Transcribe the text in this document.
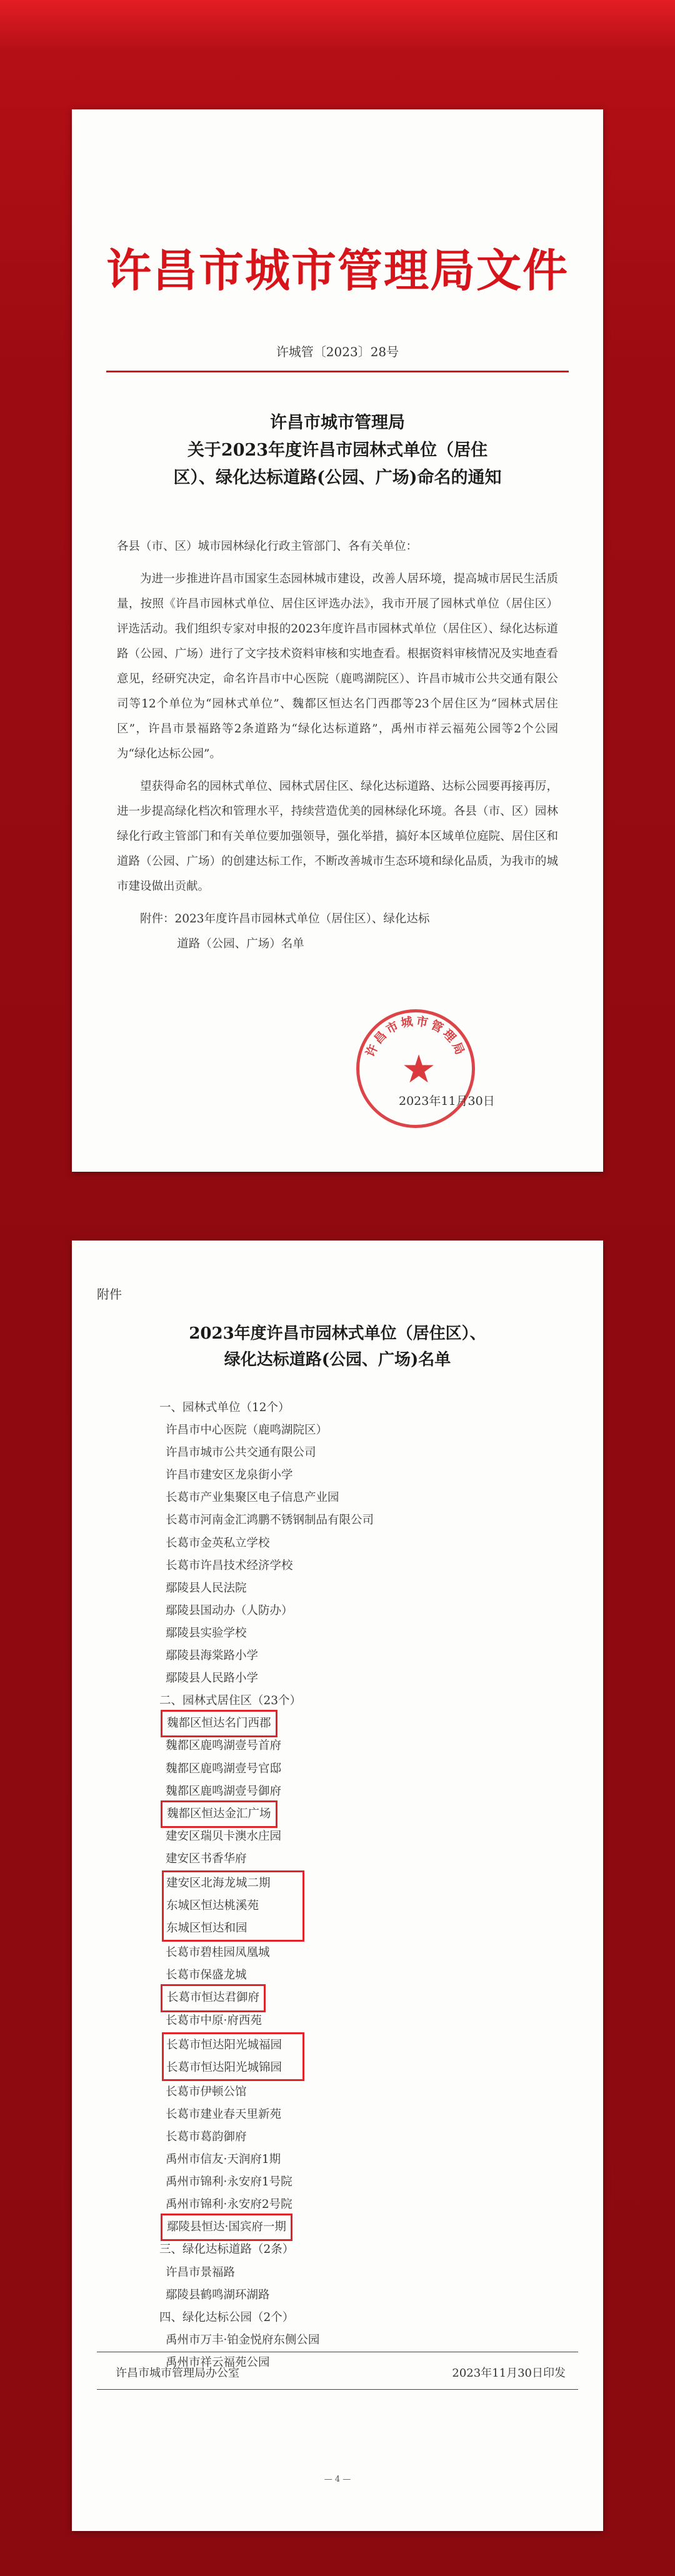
许昌市城市管理局文件
许城管〔2023〕28号
许昌市城市管理局
关于2023年度许昌市园林式单位（居住
区）、绿化达标道路(公园、广场)命名的通知

各县（市、区）城市园林绿化行政主管部门、各有关单位：

为进一步推进许昌市国家生态园林城市建设，改善人居环境，提高城市居民生活质量，按照《许昌市园林式单位、居住区评选办法》，我市开展了园林式单位（居住区）评选活动。我们组织专家对申报的2023年度许昌市园林式单位（居住区）、绿化达标道路（公园、广场）进行了文字技术资料审核和实地查看。根据资料审核情况及实地查看意见，经研究决定，命名许昌市中心医院（鹿鸣湖院区）、许昌市城市公共交通有限公司等12个单位为“园林式单位”、魏都区恒达名门西郡等23个居住区为“园林式居住区”，许昌市景福路等2条道路为“绿化达标道路”，禹州市祥云福苑公园等2个公园为“绿化达标公园”。

望获得命名的园林式单位、园林式居住区、绿化达标道路、达标公园要再接再厉，进一步提高绿化档次和管理水平，持续营造优美的园林绿化环境。各县（市、区）园林绿化行政主管部门和有关单位要加强领导，强化举措，搞好本区域单位庭院、居住区和道路（公园、广场）的创建达标工作，不断改善城市生态环境和绿化品质，为我市的城市建设做出贡献。

附件：2023年度许昌市园林式单位（居住区）、绿化达标
道路（公园、广场）名单

许昌市城市管理局
★
2023年11月30日
附件
2023年度许昌市园林式单位（居住区）、
绿化达标道路(公园、广场)名单
一、园林式单位（12个）
许昌市中心医院（鹿鸣湖院区）
许昌市城市公共交通有限公司
许昌市建安区龙泉街小学
长葛市产业集聚区电子信息产业园
长葛市河南金汇鸿鹏不锈钢制品有限公司
长葛市金英私立学校
长葛市许昌技术经济学校
鄢陵县人民法院
鄢陵县国动办（人防办）
鄢陵县实验学校
鄢陵县海棠路小学
鄢陵县人民路小学
二、园林式居住区（23个）
魏都区恒达名门西郡
魏都区鹿鸣湖壹号首府
魏都区鹿鸣湖壹号官邸
魏都区鹿鸣湖壹号御府
魏都区恒达金汇广场
建安区瑞贝卡澳水庄园
建安区书香华府
建安区北海龙城二期
东城区恒达桃溪苑
东城区恒达和园
长葛市碧桂园凤凰城
长葛市保盛龙城
长葛市恒达君御府
长葛市中原·府西苑
长葛市恒达阳光城福园
长葛市恒达阳光城锦园
长葛市伊顿公馆
长葛市建业春天里新苑
长葛市葛韵御府
禹州市信友·天润府1期
禹州市锦利·永安府1号院
禹州市锦利·永安府2号院
鄢陵县恒达·国宾府一期
三、绿化达标道路（2条）
许昌市景福路
鄢陵县鹤鸣湖环湖路
四、绿化达标公园（2个）
禹州市万丰·铂金悦府东侧公园
禹州市祥云福苑公园
许昌市城市管理局办公室	2023年11月30日印发
— 4 —
